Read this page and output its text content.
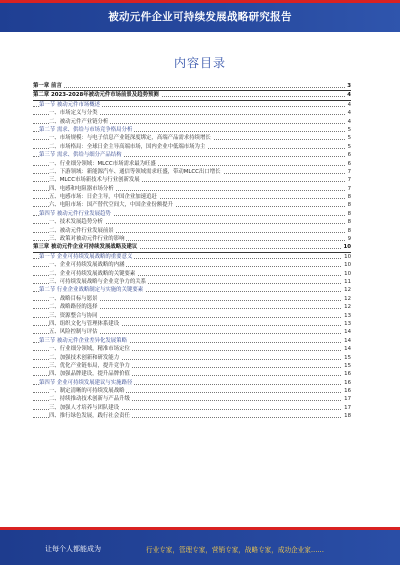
被动元件企业可持续发展战略研究报告
内容目录
第一章 前言	3
第二章 2023-2028年被动元件市场前景及趋势预测	4
第一节 被动元件市场概述	4
一、市场定义与分类	4
二、被动元件产业链分析	4
第二节 需求、供给与市场竞争格局分析	5
一、市场规模：与电子信息产业链深度绑定，高端产品需求持续增长	5
二、市场格局：全球日企主导高端市场，国内企业中低端市场为主	5
第三节 需求、供给与细分产品结构	6
一、行业细分领域：MLCC市场需求最为旺盛	6
二、下游领域：新能源汽车、通信等领域需求旺盛，带动MLCC出口增长	7
三、MLCC市场新技术与行业创新发展	7
四、电感和电阻器市场分析	7
五、电感市场：日企主导，中国企业加速追赶	8
六、电阻市场：国产替代空间大，中国企业份额提升	8
第四节 被动元件行业发展趋势	8
一、技术发展趋势分析	8
二、被动元件行业发展前景	8
三、政策对被动元件行业的影响	9
第三章 被动元件企业可持续发展战略及建议	10
第一节 企业可持续发展战略的重要意义	10
一、企业可持续发展战略的内涵	10
二、企业可持续发展战略的关键要素	10
三、可持续发展战略与企业竞争力的关系	11
第二节 行业企业战略制定与实施的关键要素	12
一、战略目标与愿景	12
二、战略路径的选择	12
三、资源整合与协同	13
四、组织文化与管理体系建设	13
五、风险控制与评估	14
第三节 被动元件企业差异化发展策略	14
一、行业细分领域，精准市场定位	14
二、加强技术创新和研发能力	15
三、优化产业链布局，提升竞争力	15
四、加强品牌建设，提升品牌价值	16
第四节 企业可持续发展建议与实施路径	16
一、制定清晰的可持续发展战略	16
二、持续推动技术创新与产品升级	17
三、加强人才培养与团队建设	17
四、推行绿色发展，践行社会责任	18
让每个人都能成为	行业专家，管理专家，营销专家，战略专家，成功企业家……
